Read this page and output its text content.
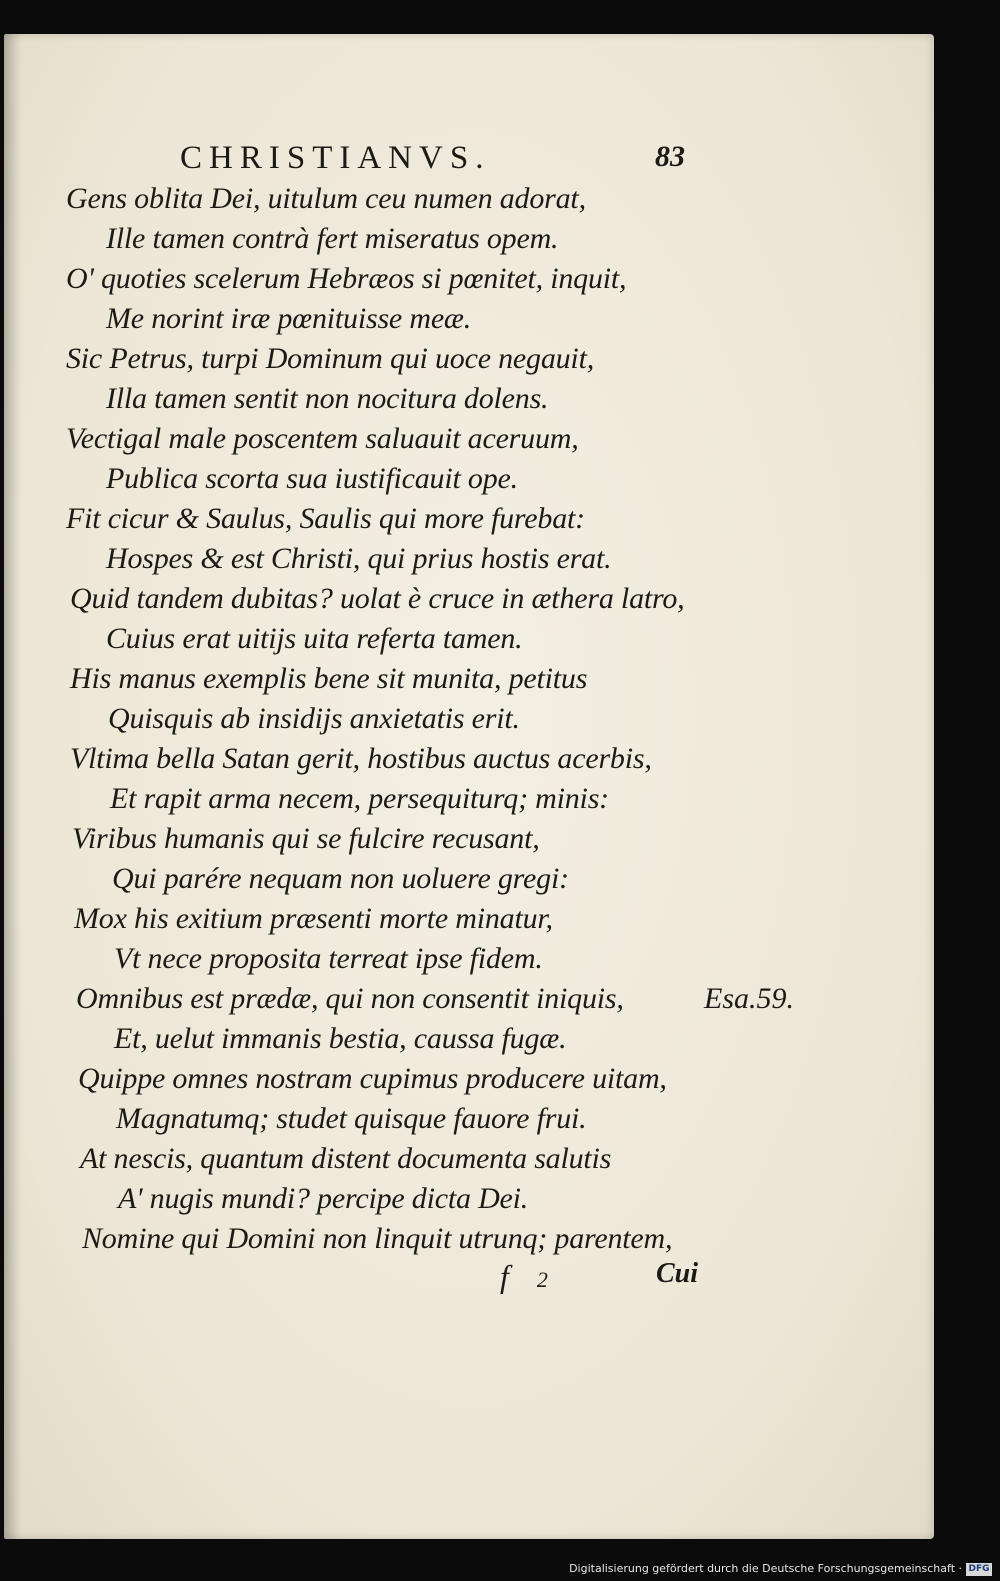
CHRISTIANVS.	83
Gens oblita Dei, uitulum ceu numen adorat,
Ille tamen contrà fert miseratus opem.
O' quoties scelerum Hebræos si pœnitet, inquit,
Me norint iræ pœnituisse meæ.
Sic Petrus, turpi Dominum qui uoce negauit,
Illa tamen sentit non nocitura dolens.
Vectigal male poscentem saluauit aceruum,
Publica scorta sua iustificauit ope.
Fit cicur & Saulus, Saulis qui more furebat:
Hospes & est Christi, qui prius hostis erat.
Quid tandem dubitas? uolat è cruce in æthera latro,
Cuius erat uitijs uita referta tamen.
His manus exemplis bene sit munita, petitus
Quisquis ab insidijs anxietatis erit.
Vltima bella Satan gerit, hostibus auctus acerbis,
Et rapit arma necem, persequiturq; minis:
Viribus humanis qui se fulcire recusant,
Qui parére nequam non uoluere gregi:
Mox his exitium præsenti morte minatur,
Vt nece proposita terreat ipse fidem.
Omnibus est prædæ, qui non consentit iniquis,
Et, uelut immanis bestia, caussa fugæ.
Quippe omnes nostram cupimus producere uitam,
Magnatumq; studet quisque fauore frui.
At nescis, quantum distent documenta salutis
A' nugis mundi? percipe dicta Dei.
Nomine qui Domini non linquit utrunq; parentem,
Esa.59.
f 2	Cui
Digitalisierung gefördert durch die Deutsche Forschungsgemeinschaft · DFG
